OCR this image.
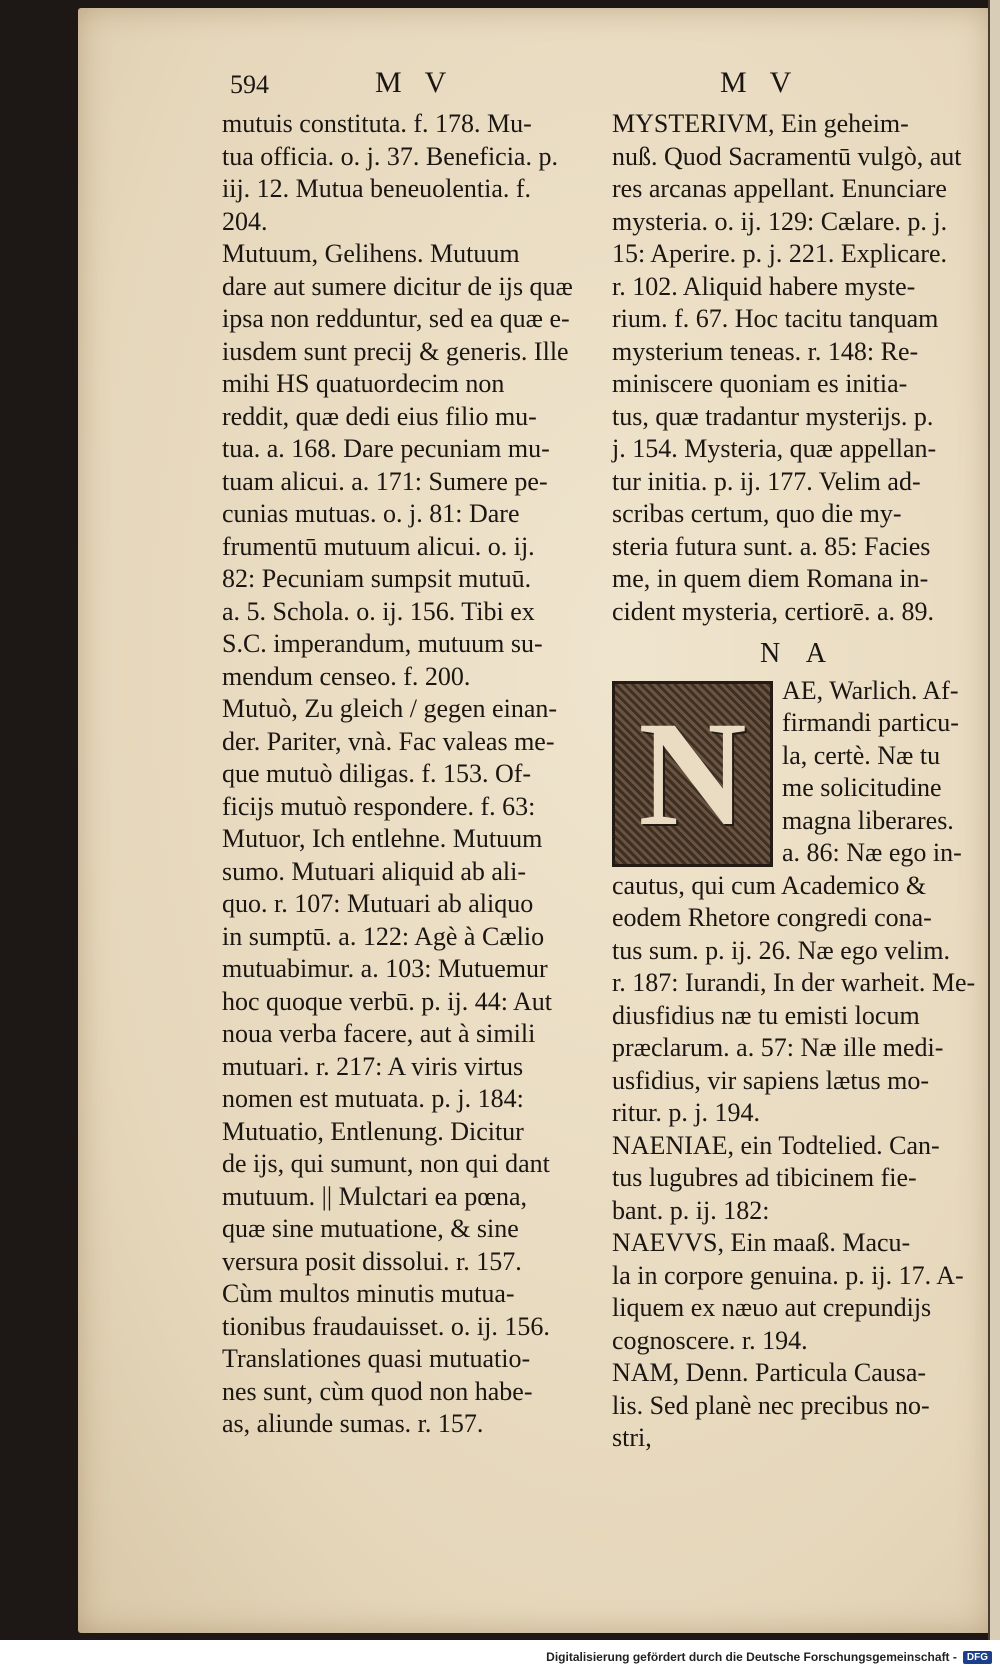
594	M V	M V
mutuis constituta. f. 178. Mu-
tua officia. o. j. 37. Beneficia. p.
iij. 12. Mutua beneuolentia. f.
204.
Mutuum, Gelihens. Mutuum
dare aut sumere dicitur de ijs quæ
ipsa non redduntur, sed ea quæ e-
iusdem sunt precij & generis. Ille
mihi HS quatuordecim non
reddit, quæ dedi eius filio mu-
tua. a. 168. Dare pecuniam mu-
tuam alicui. a. 171: Sumere pe-
cunias mutuas. o. j. 81: Dare
frumentū mutuum alicui. o. ij.
82: Pecuniam sumpsit mutuū.
a. 5. Schola. o. ij. 156. Tibi ex
S.C. imperandum, mutuum su-
mendum censeo. f. 200.
Mutuò, Zu gleich / gegen einan-
der. Pariter, vnà. Fac valeas me-
que mutuò diligas. f. 153. Of-
ficijs mutuò respondere. f. 63:
Mutuor, Ich entlehne. Mutuum
sumo. Mutuari aliquid ab ali-
quo. r. 107: Mutuari ab aliquo
in sumptū. a. 122: Agè à Cælio
mutuabimur. a. 103: Mutuemur
hoc quoque verbū. p. ij. 44: Aut
noua verba facere, aut à simili
mutuari. r. 217: A viris virtus
nomen est mutuata. p. j. 184:
Mutuatio, Entlenung. Dicitur
de ijs, qui sumunt, non qui dant
mutuum. || Mulctari ea pœna,
quæ sine mutuatione, & sine
versura posit dissolui. r. 157.
Cùm multos minutis mutua-
tionibus fraudauisset. o. ij. 156.
Translationes quasi mutuatio-
nes sunt, cùm quod non habe-
as, aliunde sumas. r. 157.
MYSTERIVM, Ein geheim-
nuß. Quod Sacramentū vulgò, aut
res arcanas appellant. Enunciare
mysteria. o. ij. 129: Cælare. p. j.
15: Aperire. p. j. 221. Explicare.
r. 102. Aliquid habere myste-
rium. f. 67. Hoc tacitu tanquam
mysterium teneas. r. 148: Re-
miniscere quoniam es initia-
tus, quæ tradantur mysterijs. p.
j. 154. Mysteria, quæ appellan-
tur initia. p. ij. 177. Velim ad-
scribas certum, quo die my-
steria futura sunt. a. 85: Facies
me, in quem diem Romana in-
cident mysteria, certiorē. a. 89.
N A
N
AE, Warlich. Af-
firmandi particu-
la, certè. Næ tu
me solicitudine
magna liberares.
a. 86: Næ ego in-
cautus, qui cum Academico &
eodem Rhetore congredi cona-
tus sum. p. ij. 26. Næ ego velim.
r. 187: Iurandi, In der warheit. Me-
diusfidius næ tu emisti locum
præclarum. a. 57: Næ ille medi-
usfidius, vir sapiens lætus mo-
ritur. p. j. 194.
NAENIAE, ein Todtelied. Can-
tus lugubres ad tibicinem fie-
bant. p. ij. 182:
NAEVVS, Ein maaß. Macu-
la in corpore genuina. p. ij. 17. A-
liquem ex næuo aut crepundijs
cognoscere. r. 194.
NAM, Denn. Particula Causa-
lis. Sed planè nec precibus no-
stri,
Digitalisierung gefördert durch die Deutsche Forschungsgemeinschaft -	DFG
